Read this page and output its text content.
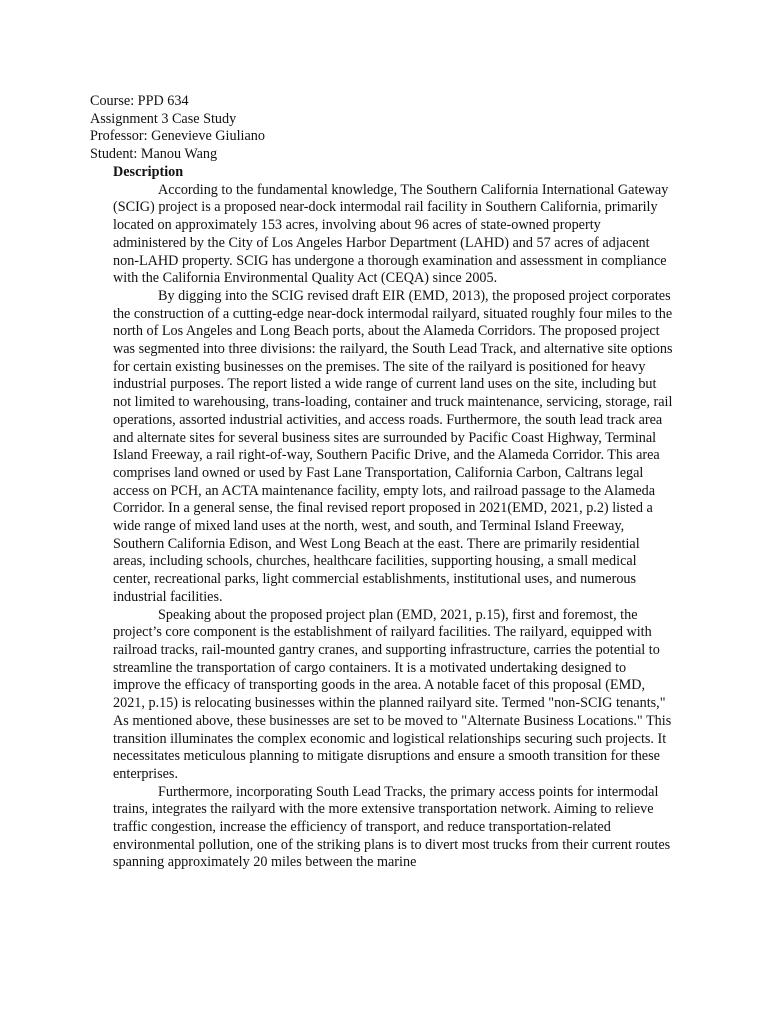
Course: PPD 634
Assignment 3 Case Study
Professor: Genevieve Giuliano
Student: Manou Wang
Description

According to the fundamental knowledge, The Southern California International Gateway (SCIG) project is a proposed near-dock intermodal rail facility in Southern California, primarily located on approximately 153 acres, involving about 96 acres of state-owned property administered by the City of Los Angeles Harbor Department (LAHD) and 57 acres of adjacent non-LAHD property. SCIG has undergone a thorough examination and assessment in compliance with the California Environmental Quality Act (CEQA) since 2005.

By digging into the SCIG revised draft EIR (EMD, 2013), the proposed project corporates the construction of a cutting-edge near-dock intermodal railyard, situated roughly four miles to the north of Los Angeles and Long Beach ports, about the Alameda Corridors. The proposed project was segmented into three divisions: the railyard, the South Lead Track, and alternative site options for certain existing businesses on the premises. The site of the railyard is positioned for heavy industrial purposes. The report listed a wide range of current land uses on the site, including but not limited to warehousing, trans-loading, container and truck maintenance, servicing, storage, rail operations, assorted industrial activities, and access roads. Furthermore, the south lead track area and alternate sites for several business sites are surrounded by Pacific Coast Highway, Terminal Island Freeway, a rail right-of-way, Southern Pacific Drive, and the Alameda Corridor. This area comprises land owned or used by Fast Lane Transportation, California Carbon, Caltrans legal access on PCH, an ACTA maintenance facility, empty lots, and railroad passage to the Alameda Corridor. In a general sense, the final revised report proposed in 2021(EMD, 2021, p.2) listed a wide range of mixed land uses at the north, west, and south, and Terminal Island Freeway, Southern California Edison, and West Long Beach at the east. There are primarily residential areas, including schools, churches, healthcare facilities, supporting housing, a small medical center, recreational parks, light commercial establishments, institutional uses, and numerous industrial facilities.

Speaking about the proposed project plan (EMD, 2021, p.15), first and foremost, the project’s core component is the establishment of railyard facilities. The railyard, equipped with railroad tracks, rail-mounted gantry cranes, and supporting infrastructure, carries the potential to streamline the transportation of cargo containers. It is a motivated undertaking designed to improve the efficacy of transporting goods in the area. A notable facet of this proposal (EMD, 2021, p.15) is relocating businesses within the planned railyard site. Termed "non-SCIG tenants," As mentioned above, these businesses are set to be moved to "Alternate Business Locations." This transition illuminates the complex economic and logistical relationships securing such projects. It necessitates meticulous planning to mitigate disruptions and ensure a smooth transition for these enterprises.

Furthermore, incorporating South Lead Tracks, the primary access points for intermodal trains, integrates the railyard with the more extensive transportation network. Aiming to relieve traffic congestion, increase the efficiency of transport, and reduce transportation-related environmental pollution, one of the striking plans is to divert most trucks from their current routes spanning approximately 20 miles between the marine
